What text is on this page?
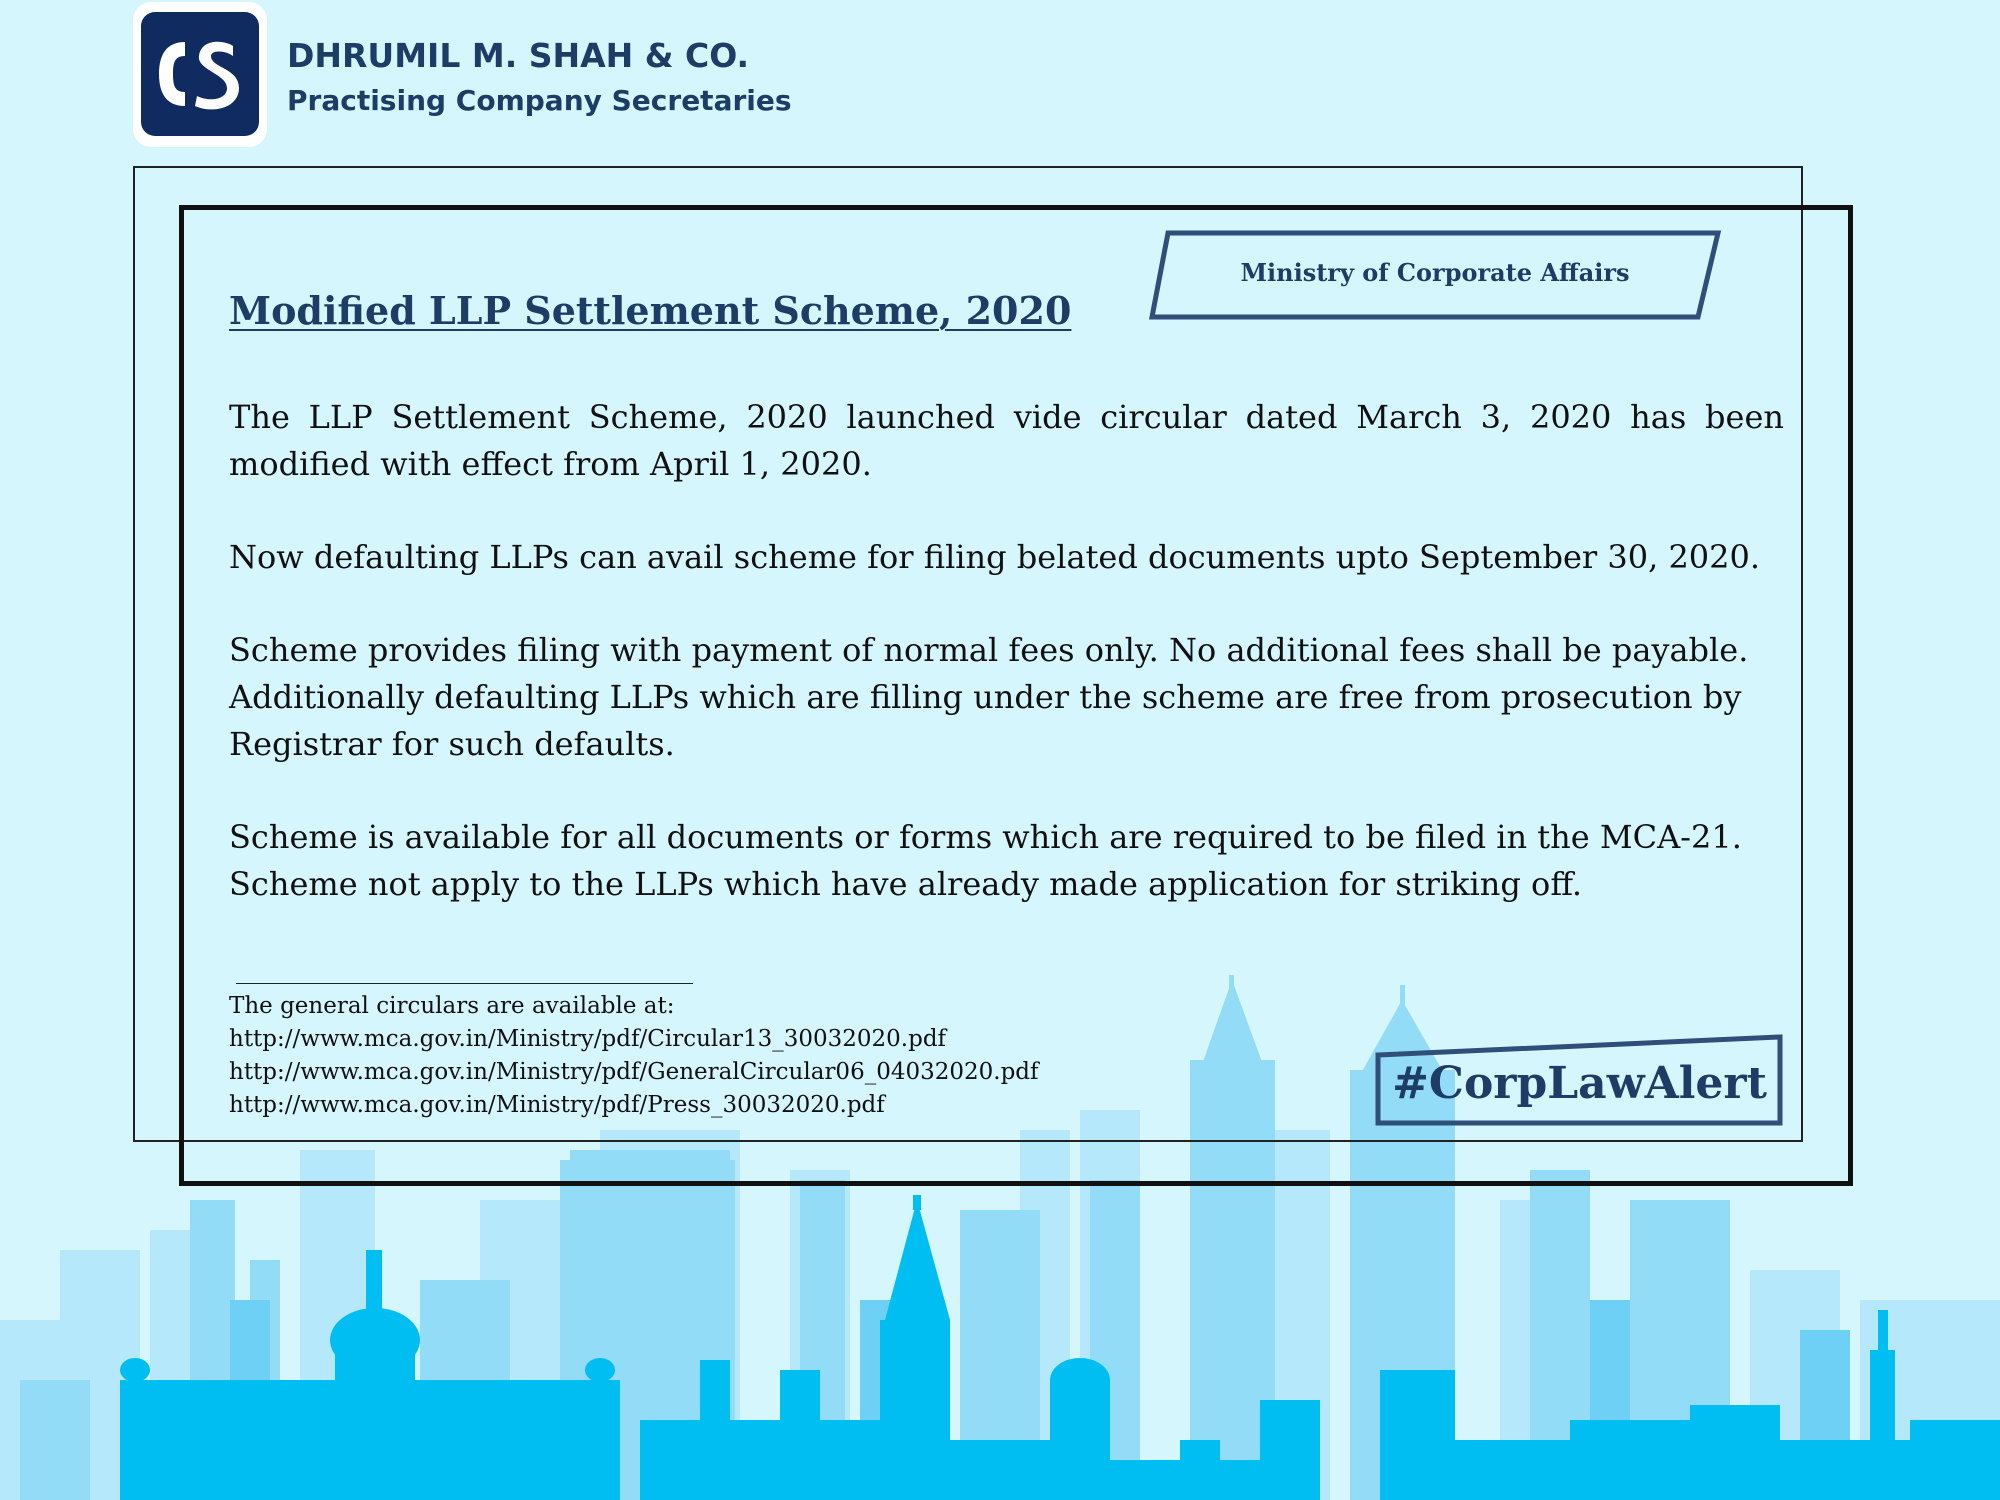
DHRUMIL M. SHAH & CO.
Practising Company Secretaries
Ministry of Corporate Affairs
Modified LLP Settlement Scheme, 2020
The LLP Settlement Scheme, 2020 launched vide circular dated March 3, 2020 has been modified with effect from April 1, 2020.
Now defaulting LLPs can avail scheme for filing belated documents upto September 30, 2020.
Scheme provides filing with payment of normal fees only. No additional fees shall be payable.
Additionally defaulting LLPs which are filling under the scheme are free from prosecution by
Registrar for such defaults.
Scheme is available for all documents or forms which are required to be filed in the MCA-21.
Scheme not apply to the LLPs which have already made application for striking off.
The general circulars are available at:
http://www.mca.gov.in/Ministry/pdf/Circular13_30032020.pdf
http://www.mca.gov.in/Ministry/pdf/GeneralCircular06_04032020.pdf
http://www.mca.gov.in/Ministry/pdf/Press_30032020.pdf	#CorpLawAlert
